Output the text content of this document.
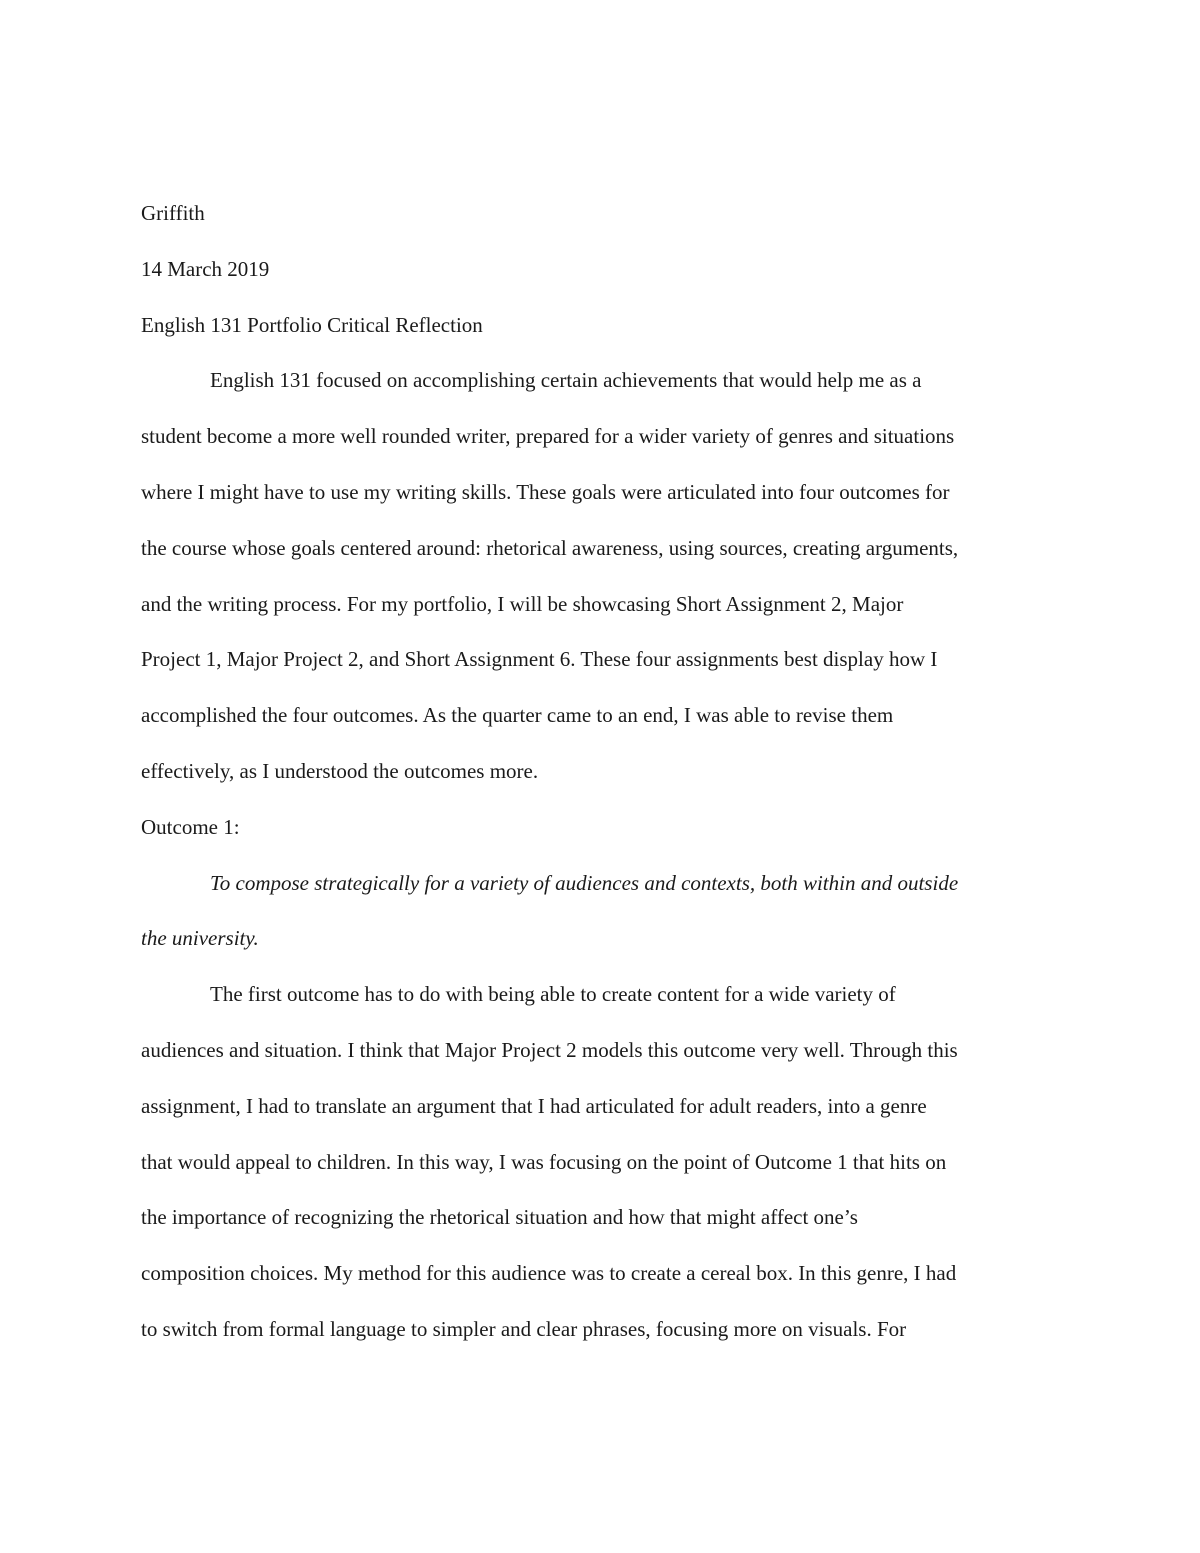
Griffith
14 March 2019
English 131 Portfolio Critical Reflection
English 131 focused on accomplishing certain achievements that would help me as a
student become a more well rounded writer, prepared for a wider variety of genres and situations
where I might have to use my writing skills. These goals were articulated into four outcomes for
the course whose goals centered around: rhetorical awareness, using sources, creating arguments,
and the writing process. For my portfolio, I will be showcasing Short Assignment 2, Major
Project 1, Major Project 2, and Short Assignment 6. These four assignments best display how I
accomplished the four outcomes. As the quarter came to an end, I was able to revise them
effectively, as I understood the outcomes more.
Outcome 1:
To compose strategically for a variety of audiences and contexts, both within and outside
the university.
The first outcome has to do with being able to create content for a wide variety of
audiences and situation. I think that Major Project 2 models this outcome very well. Through this
assignment, I had to translate an argument that I had articulated for adult readers, into a genre
that would appeal to children. In this way, I was focusing on the point of Outcome 1 that hits on
the importance of recognizing the rhetorical situation and how that might affect one’s
composition choices. My method for this audience was to create a cereal box. In this genre, I had
to switch from formal language to simpler and clear phrases, focusing more on visuals. For
